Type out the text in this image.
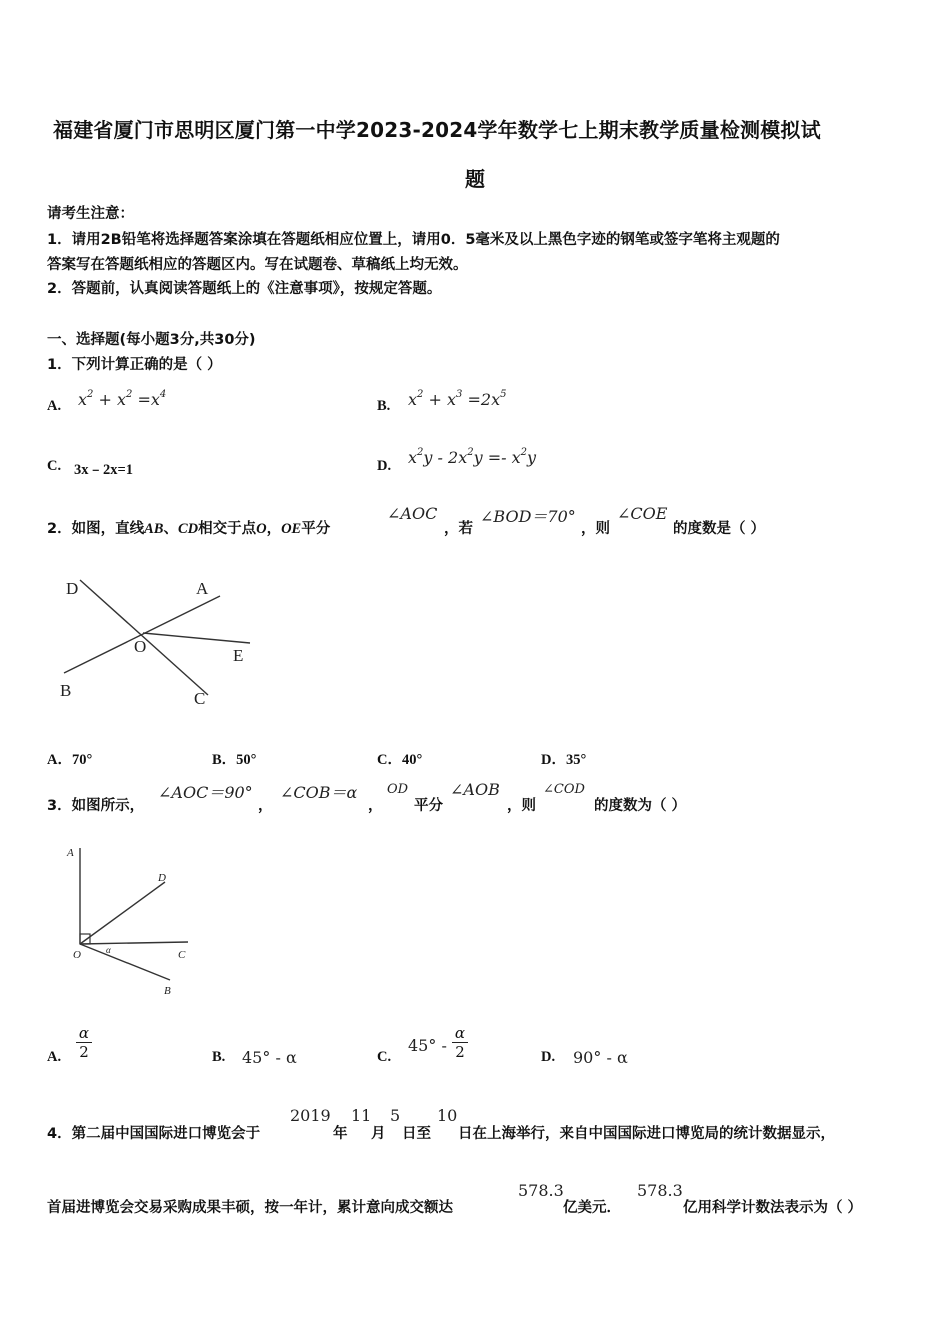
福建省厦门市思明区厦门第一中学2023-2024学年数学七上期末教学质量检测模拟试
题
请考生注意：
1．请用2B铅笔将选择题答案涂填在答题纸相应位置上，请用0．5毫米及以上黑色字迹的钢笔或签字笔将主观题的
答案写在答题纸相应的答题区内。写在试题卷、草稿纸上均无效。
2．答题前，认真阅读答题纸上的《注意事项》，按规定答题。
一、选择题(每小题3分,共30分)
1．下列计算正确的是（ ）
A. $x^2 + x^2 =x^4$
B. $x^2 + x^3 =2x^5$
C. 3x﹣2x=1	D. $x^2y - 2x^2y =- x^2y$
2．如图，直线AB、CD相交于点O，OE平分
∠AOC
，若
∠BOD＝70°
，则
∠COE
的度数是（ ）
D	A
O	E
B	C
A．70°	B．50°	C．40°	D．35°
3．如图所示，
∠AOC＝90°
，
∠COB＝α
，
OD
平分
∠AOB
，则
∠COD
的度数为（ ）
A
D
O	α	C
B
A. $\frac{\alpha}{2}$	B. 45° - α	C.
$45^\circ - \frac{\alpha}{2}$	D. 90° - α
4．第二届中国国际进口博览会于
2019
年
11
月
5
日至
10
日在上海举行，来自中国国际进口博览局的统计数据显示，
首届进博览会交易采购成果丰硕，按一年计，累计意向成交额达
578.3
亿美元．
578.3
亿用科学计数法表示为（ ）
